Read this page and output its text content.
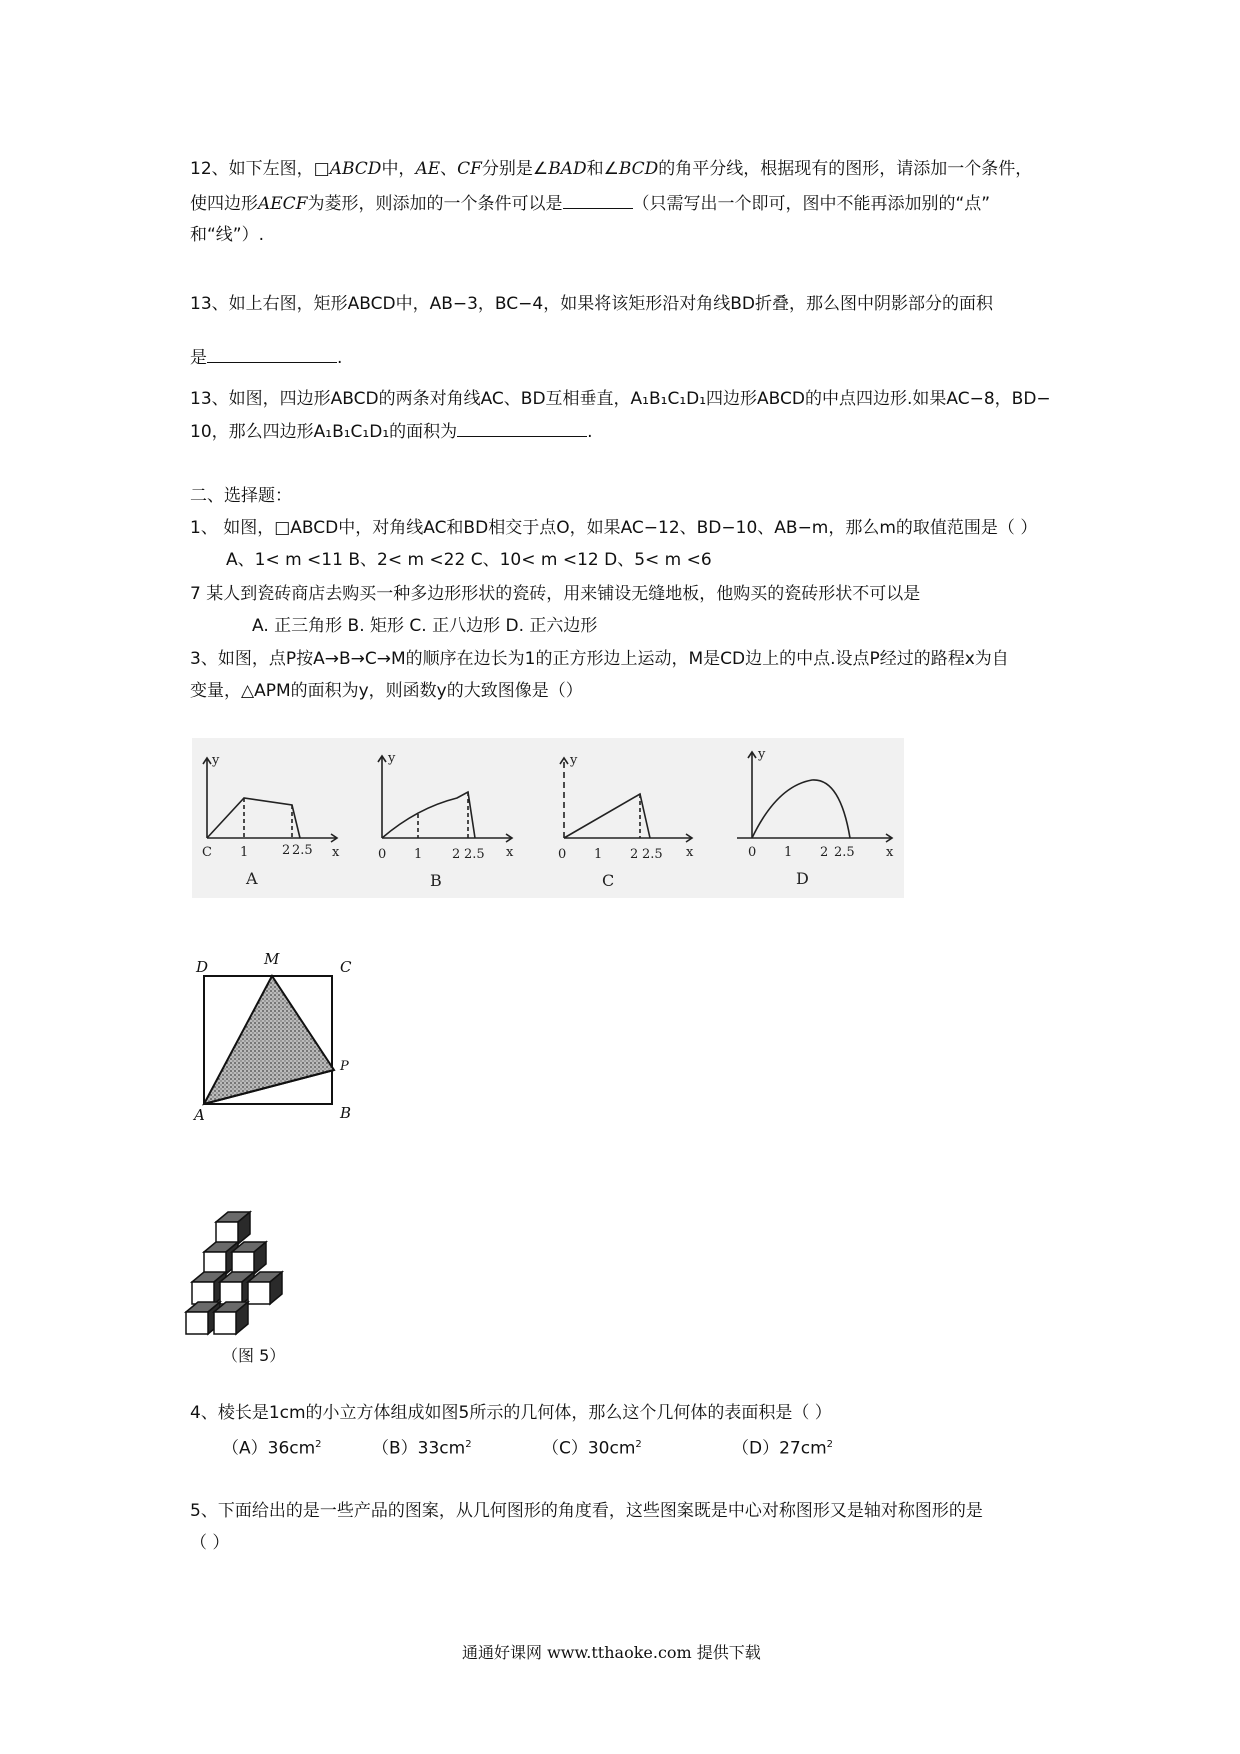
12、如下左图，□ABCD中，AE、CF分别是∠BAD和∠BCD的角平分线，根据现有的图形，请添加一个条件，
使四边形AECF为菱形，则添加的一个条件可以是	（只需写出一个即可，图中不能再添加别的“点”
和“线”）.
13、如上右图，矩形ABCD中，AB−3，BC−4，如果将该矩形沿对角线BD折叠，那么图中阴影部分的面积
是	.
13、如图，四边形ABCD的两条对角线AC、BD互相垂直，A₁B₁C₁D₁四边形ABCD的中点四边形.如果AC−8，BD−
10，那么四边形A₁B₁C₁D₁的面积为	.
二、选择题：
1、 如图，□ABCD中，对角线AC和BD相交于点O，如果AC−12、BD−10、AB−m，那么m的取值范围是（ ）
A、1< m <11 B、2< m <22 C、10< m <12 D、5< m <6
7 某人到瓷砖商店去购买一种多边形形状的瓷砖，用来铺设无缝地板，他购买的瓷砖形状不可以是
A. 正三角形 B. 矩形 C. 正八边形 D. 正六边形
3、如图，点P按A→B→C→M的顺序在边长为1的正方形边上运动，M是CD边上的中点.设点P经过的路程x为自
变量，△APM的面积为y，则函数y的大致图像是（）
y
x
C 1	2 2.5
A
y
x
0 1 2 2.5
B
y
x
0 1 2 2.5
C
y
x
0 1 2 2.5
D
D	M	C
P
A	B
（图 5）
4、棱长是1cm的小立方体组成如图5所示的几何体，那么这个几何体的表面积是（ ）
$(A)36cm^2$	$(B)33cm^2$	$(C)30cm^2$	$(D)27cm^2$
5、下面给出的是一些产品的图案，从几何图形的角度看，这些图案既是中心对称图形又是轴对称图形的是
（ ）
通通好课网 www.tthaoke.com 提供下载
